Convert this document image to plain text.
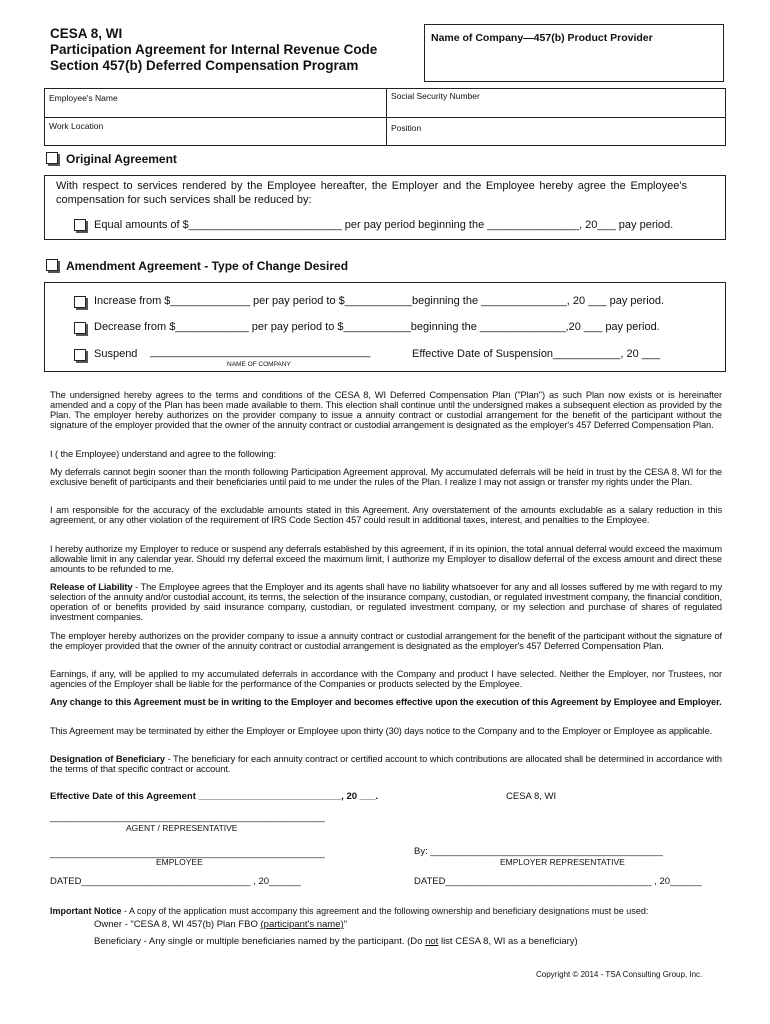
CESA 8, WI
Participation Agreement for Internal Revenue Code
Section 457(b) Deferred Compensation Program
Name of Company—457(b) Product Provider
Employee's Name	Social Security Number
Work Location	Position
Original Agreement
With respect to services rendered by the Employee hereafter, the Employer and the Employee hereby agree the Employee's
compensation for such services shall be reduced by:
Equal amounts of $_________________________ per pay period beginning the _______________, 20___ pay period.
Amendment Agreement - Type of Change Desired
Increase from $_____________ per pay period to $___________beginning the ______________, 20 ___ pay period.
Decrease from $____________ per pay period to $___________beginning the ______________,20 ___ pay period.
Suspend ____________________________________
NAME OF COMPANY
Effective Date of Suspension___________, 20 ___
The undersigned hereby agrees to the terms and conditions of the CESA 8, WI Deferred Compensation Plan ("Plan") as such Plan now exists or is hereinafter amended and a copy of the Plan has been made available to them. This election shall continue until the undersigned makes a subsequent election as provided by the Plan. The employer hereby authorizes on the provider company to issue a annuity contract or custodial arrangement for the benefit of the participant without the signature of the employer provided that the owner of the annuity contract or custodial arrangement is designated as the employer's 457 Deferred Compensation Plan.
I ( the Employee) understand and agree to the following:
My deferrals cannot begin sooner than the month following Participation Agreement approval. My accumulated deferrals will be held in trust by the CESA 8, WI for the exclusive benefit of participants and their beneficiaries until paid to me under the rules of the Plan. I realize I may not assign or transfer my rights under the Plan.
I am responsible for the accuracy of the excludable amounts stated in this Agreement. Any overstatement of the amounts excludable as a salary reduction in this agreement, or any other violation of the requirement of IRS Code Section 457 could result in additional taxes, interest, and penalties to the Employee.
I hereby authorize my Employer to reduce or suspend any deferrals established by this agreement, if in its opinion, the total annual deferral would exceed the maximum allowable limit in any calendar year. Should my deferral exceed the maximum limit, I authorize my Employer to disallow deferral of the excess amount and direct these amounts to be refunded to me.
Release of Liability - The Employee agrees that the Employer and its agents shall have no liability whatsoever for any and all losses suffered by me with regard to my selection of the annuity and/or custodial account, its terms, the selection of the insurance company, custodian, or regulated investment company, the financial condition, operation of or benefits provided by said insurance company, custodian, or regulated investment company, or my selection and purchase of shares of regulated investment companies.
The employer hereby authorizes on the provider company to issue a annuity contract or custodial arrangement for the benefit of the participant without the signature of the employer provided that the owner of the annuity contract or custodial arrangement is designated as the employer's 457 Deferred Compensation Plan.
Earnings, if any, will be applied to my accumulated deferrals in accordance with the Company and product I have selected. Neither the Employer, nor Trustees, nor agencies of the Employer shall be liable for the performance of the Companies or products selected by the Employee.
Any change to this Agreement must be in writing to the Employer and becomes effective upon the execution of this Agreement by Employee and Employer.
This Agreement may be terminated by either the Employer or Employee upon thirty (30) days notice to the Company and to the Employer or Employee as applicable.
Designation of Beneficiary - The beneficiary for each annuity contract or certified account to which contributions are allocated shall be determined in accordance with the terms of that specific contract or account.
Effective Date of this Agreement ___________________________, 20 ___.	CESA 8, WI
____________________________________________________
AGENT / REPRESENTATIVE
____________________________________________________
EMPLOYEE
By: ____________________________________________
EMPLOYER REPRESENTATIVE
DATED________________________________ , 20______	DATED_______________________________________ , 20______
Important Notice - A copy of the application must accompany this agreement and the following ownership and beneficiary designations must be used:
Owner - "CESA 8, WI 457(b) Plan FBO (participant's name)"
Beneficiary - Any single or multiple beneficiaries named by the participant. (Do not list CESA 8, WI as a beneficiary)
Copyright © 2014 - TSA Consulting Group, Inc.
